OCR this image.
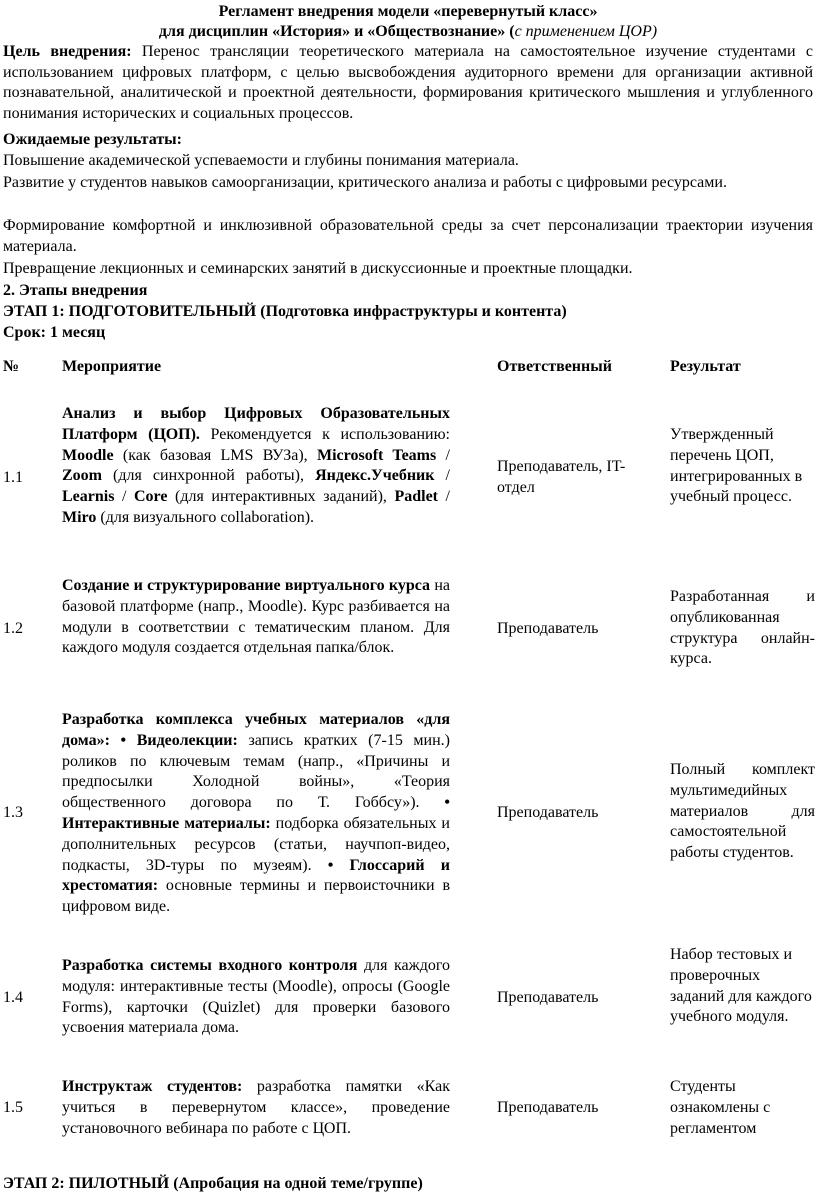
Регламент внедрения модели «перевернутый класс»
для дисциплин «История» и «Обществознание» (с применением ЦОР)
Цель внедрения: Перенос трансляции теоретического материала на самостоятельное изучение студентами с использованием цифровых платформ, с целью высвобождения аудиторного времени для организации активной познавательной, аналитической и проектной деятельности, формирования критического мышления и углубленного понимания исторических и социальных процессов.
Ожидаемые результаты:
Повышение академической успеваемости и глубины понимания материала.
Развитие у студентов навыков самоорганизации, критического анализа и работы с цифровыми ресурсами.
Формирование комфортной и инклюзивной образовательной среды за счет персонализации траектории изучения материала.
Превращение лекционных и семинарских занятий в дискуссионные и проектные площадки.
2. Этапы внедрения
ЭТАП 1: ПОДГОТОВИТЕЛЬНЫЙ (Подготовка инфраструктуры и контента)
Срок: 1 месяц
№	Мероприятие	Ответственный	Результат
1.1
Анализ и выбор Цифровых Образовательных Платформ (ЦОП). Рекомендуется к использованию: Moodle (как базовая LMS ВУЗа), Microsoft Teams / Zoom (для синхронной работы), Яндекс.Учебник / Learnis / Core (для интерактивных заданий), Padlet / Miro (для визуального collaboration).
Преподаватель, IT-отдел
Утвержденный перечень ЦОП, интегрированных в учебный процесс.
1.2
Создание и структурирование виртуального курса на базовой платформе (напр., Moodle). Курс разбивается на модули в соответствии с тематическим планом. Для каждого модуля создается отдельная папка/блок.
Преподаватель
Разработанная и опубликованная структура онлайн-курса.
1.3
Разработка комплекса учебных материалов «для дома»: • Видеолекции: запись кратких (7-15 мин.) роликов по ключевым темам (напр., «Причины и предпосылки Холодной войны», «Теория общественного договора по Т. Гоббсу»). • Интерактивные материалы: подборка обязательных и дополнительных ресурсов (статьи, научпоп-видео, подкасты, 3D-туры по музеям). • Глоссарий и хрестоматия: основные термины и первоисточники в цифровом виде.
Преподаватель
Полный комплект мультимедийных материалов для самостоятельной работы студентов.
1.4
Разработка системы входного контроля для каждого модуля: интерактивные тесты (Moodle), опросы (Google Forms), карточки (Quizlet) для проверки базового усвоения материала дома.
Преподаватель
Набор тестовых и проверочных заданий для каждого учебного модуля.
1.5
Инструктаж студентов: разработка памятки «Как учиться в перевернутом классе», проведение установочного вебинара по работе с ЦОП.
Преподаватель
Студенты ознакомлены с регламентом
ЭТАП 2: ПИЛОТНЫЙ (Апробация на одной теме/группе)
